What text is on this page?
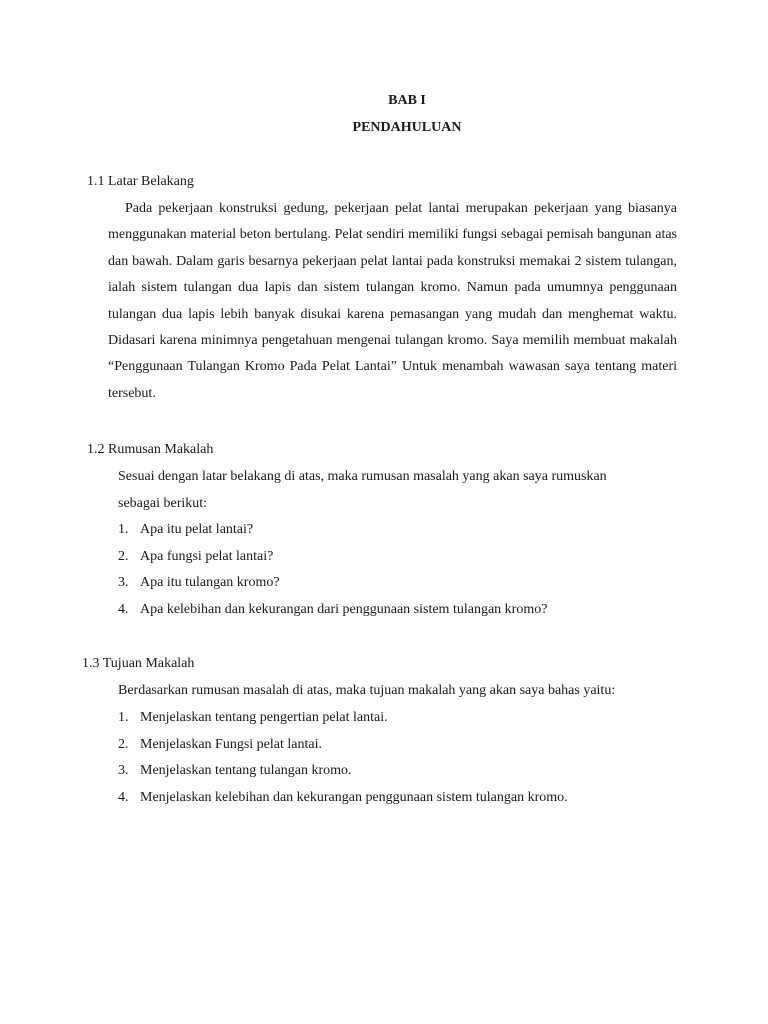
BAB I
PENDAHULUAN
1.1 Latar Belakang

Pada pekerjaan konstruksi gedung, pekerjaan pelat lantai merupakan pekerjaan yang biasanya menggunakan material beton bertulang. Pelat sendiri memiliki fungsi sebagai pemisah bangunan atas dan bawah. Dalam garis besarnya pekerjaan pelat lantai pada konstruksi memakai 2 sistem tulangan, ialah sistem tulangan dua lapis dan sistem tulangan kromo. Namun pada umumnya penggunaan tulangan dua lapis lebih banyak disukai karena pemasangan yang mudah dan menghemat waktu. Didasari karena minimnya pengetahuan mengenai tulangan kromo. Saya memilih membuat makalah “Penggunaan Tulangan Kromo Pada Pelat Lantai” Untuk menambah wawasan saya tentang materi tersebut.

1.2 Rumusan Makalah

Sesuai dengan latar belakang di atas, maka rumusan masalah yang akan saya rumuskan

sebagai berikut:

1. Apa itu pelat lantai?
2. Apa fungsi pelat lantai?
3. Apa itu tulangan kromo?
4. Apa kelebihan dan kekurangan dari penggunaan sistem tulangan kromo?
1.3 Tujuan Makalah

Berdasarkan rumusan masalah di atas, maka tujuan makalah yang akan saya bahas yaitu:

1. Menjelaskan tentang pengertian pelat lantai.
2. Menjelaskan Fungsi pelat lantai.
3. Menjelaskan tentang tulangan kromo.
4. Menjelaskan kelebihan dan kekurangan penggunaan sistem tulangan kromo.
